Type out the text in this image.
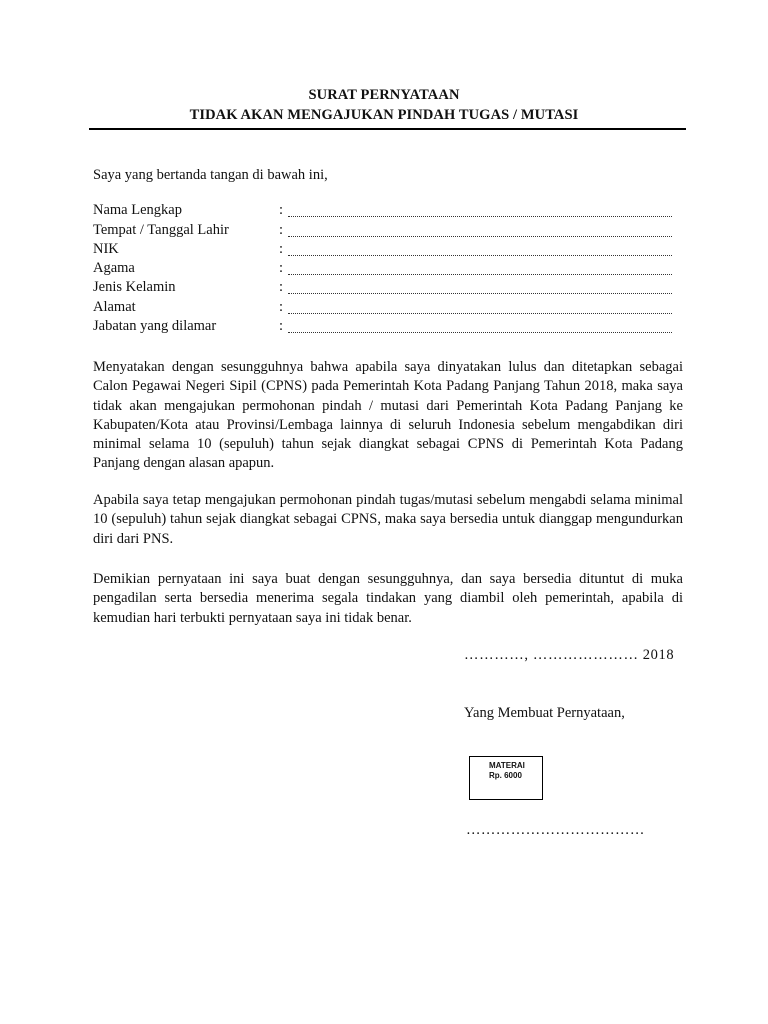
SURAT PERNYATAAN
TIDAK AKAN MENGAJUKAN PINDAH TUGAS / MUTASI
Saya yang bertanda tangan di bawah ini,
Nama Lengkap	:
Tempat / Tanggal Lahir	:
NIK	:
Agama	:
Jenis Kelamin	:
Alamat	:
Jabatan yang dilamar	:
Menyatakan dengan sesungguhnya bahwa apabila saya dinyatakan lulus dan ditetapkan sebagai Calon Pegawai Negeri Sipil (CPNS) pada Pemerintah Kota Padang Panjang Tahun 2018, maka saya tidak akan mengajukan permohonan pindah / mutasi dari Pemerintah Kota Padang Panjang ke Kabupaten/Kota atau Provinsi/Lembaga lainnya di seluruh Indonesia sebelum mengabdikan diri minimal selama 10 (sepuluh) tahun sejak diangkat sebagai CPNS di Pemerintah Kota Padang Panjang dengan alasan apapun.
Apabila saya tetap mengajukan permohonan pindah tugas/mutasi sebelum mengabdi selama minimal 10 (sepuluh) tahun sejak diangkat sebagai CPNS, maka saya bersedia untuk dianggap mengundurkan diri dari PNS.
Demikian pernyataan ini saya buat dengan sesungguhnya, dan saya bersedia dituntut di muka pengadilan serta bersedia menerima segala tindakan yang diambil oleh pemerintah, apabila di kemudian hari terbukti pernyataan saya ini tidak benar.
…………, ………………… 2018
Yang Membuat Pernyataan,
MATERAI
Rp. 6000
………………………………
